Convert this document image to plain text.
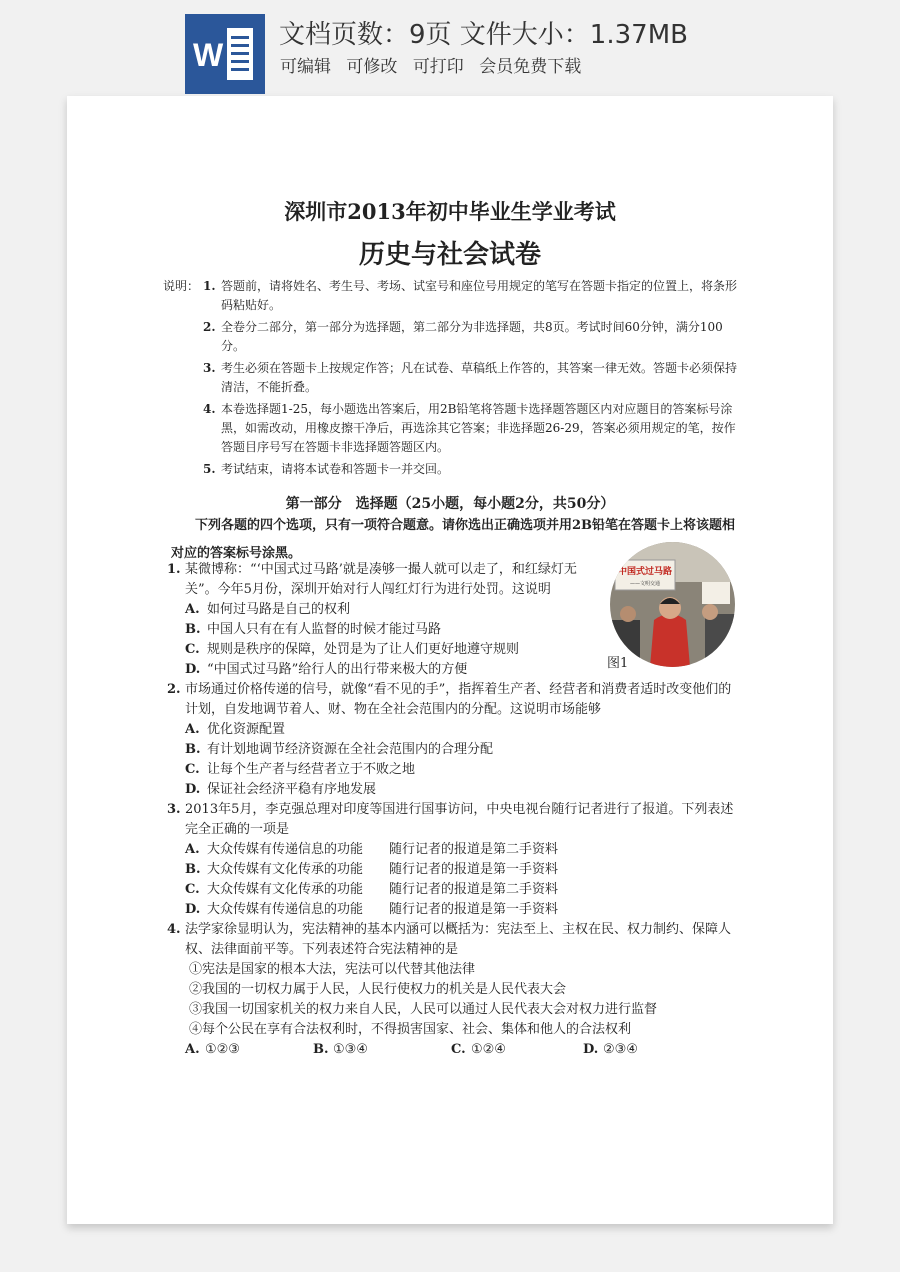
W
文档页数：9页 文件大小：1.37MB
可编辑 可修改 可打印 会员免费下载
深圳市2013年初中毕业生学业考试
历史与社会试卷
说明： 1. 答题前，请将姓名、考生号、考场、试室号和座位号用规定的笔写在答题卡指定的位置上，将条形码粘贴好。
2. 全卷分二部分，第一部分为选择题，第二部分为非选择题，共8页。考试时间60分钟，满分100分。
3. 考生必须在答题卡上按规定作答；凡在试卷、草稿纸上作答的，其答案一律无效。答题卡必须保持清洁，不能折叠。
4. 本卷选择题1-25，每小题选出答案后，用2B铅笔将答题卡选择题答题区内对应题目的答案标号涂黑，如需改动，用橡皮擦干净后，再选涂其它答案；非选择题26-29，答案必须用规定的笔，按作答题目序号写在答题卡非选择题答题区内。
5. 考试结束，请将本试卷和答题卡一并交回。
第一部分　选择题（25小题，每小题2分，共50分）
下列各题的四个选项，只有一项符合题意。请你选出正确选项并用2B铅笔在答题卡上将该题相对应的答案标号涂黑。
中国式过马路
——文明交通
图1
1. 某微博称：“‘中国式过马路’就是凑够一撮人就可以走了，和红绿灯无关”。今年5月份，深圳开始对行人闯红灯行为进行处罚。这说明
A. 如何过马路是自己的权利
B. 中国人只有在有人监督的时候才能过马路
C. 规则是秩序的保障，处罚是为了让人们更好地遵守规则
D. “中国式过马路”给行人的出行带来极大的方便
2. 市场通过价格传递的信号，就像“看不见的手”，指挥着生产者、经营者和消费者适时改变他们的计划，自发地调节着人、财、物在全社会范围内的分配。这说明市场能够
A. 优化资源配置
B. 有计划地调节经济资源在全社会范围内的合理分配
C. 让每个生产者与经营者立于不败之地
D. 保证社会经济平稳有序地发展
3. 2013年5月，李克强总理对印度等国进行国事访问，中央电视台随行记者进行了报道。下列表述完全正确的一项是
A. 大众传媒有传递信息的功能　　随行记者的报道是第二手资料
B. 大众传媒有文化传承的功能　　随行记者的报道是第一手资料
C. 大众传媒有文化传承的功能　　随行记者的报道是第二手资料
D. 大众传媒有传递信息的功能　　随行记者的报道是第一手资料
4. 法学家徐显明认为，宪法精神的基本内涵可以概括为：宪法至上、主权在民、权力制约、保障人权、法律面前平等。下列表述符合宪法精神的是
①宪法是国家的根本大法，宪法可以代替其他法律
②我国的一切权力属于人民，人民行使权力的机关是人民代表大会
③我国一切国家机关的权力来自人民，人民可以通过人民代表大会对权力进行监督
④每个公民在享有合法权利时，不得损害国家、社会、集体和他人的合法权利
A. ①②③	B. ①③④	C. ①②④	D. ②③④
